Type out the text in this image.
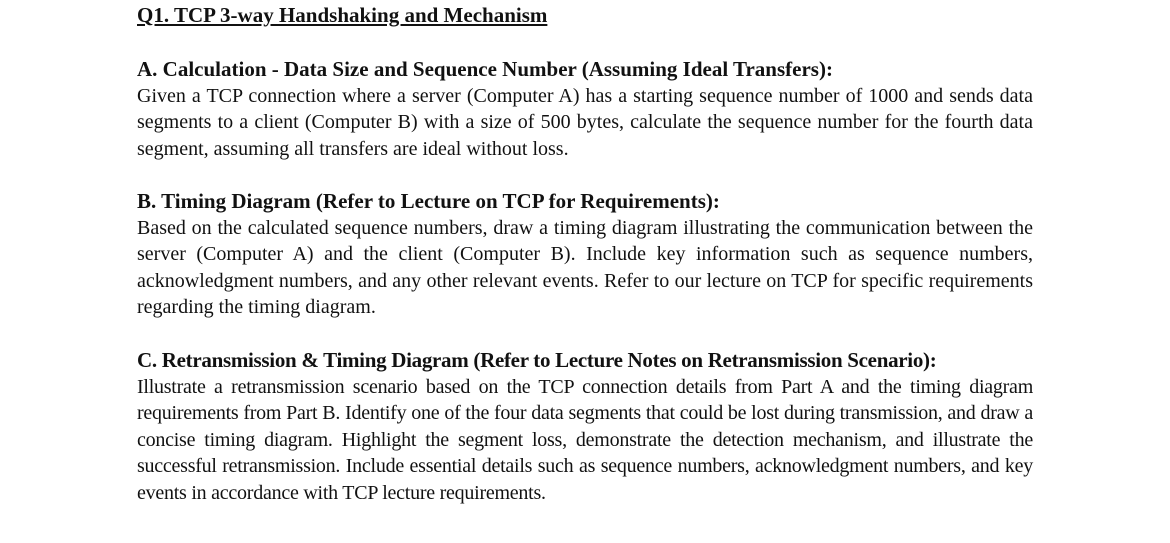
Q1. TCP 3-way Handshaking and Mechanism
A. Calculation - Data Size and Sequence Number (Assuming Ideal Transfers):

Given a TCP connection where a server (Computer A) has a starting sequence number of 1000 and sends data segments to a client (Computer B) with a size of 500 bytes, calculate the sequence number for the fourth data segment, assuming all transfers are ideal without loss.

B. Timing Diagram (Refer to Lecture on TCP for Requirements):

Based on the calculated sequence numbers, draw a timing diagram illustrating the communication between the server (Computer A) and the client (Computer B). Include key information such as sequence numbers, acknowledgment numbers, and any other relevant events. Refer to our lecture on TCP for specific requirements regarding the timing diagram.

C. Retransmission & Timing Diagram (Refer to Lecture Notes on Retransmission Scenario):

Illustrate a retransmission scenario based on the TCP connection details from Part A and the timing diagram requirements from Part B. Identify one of the four data segments that could be lost during transmission, and draw a concise timing diagram. Highlight the segment loss, demonstrate the detection mechanism, and illustrate the successful retransmission. Include essential details such as sequence numbers, acknowledgment numbers, and key events in accordance with TCP lecture requirements.
